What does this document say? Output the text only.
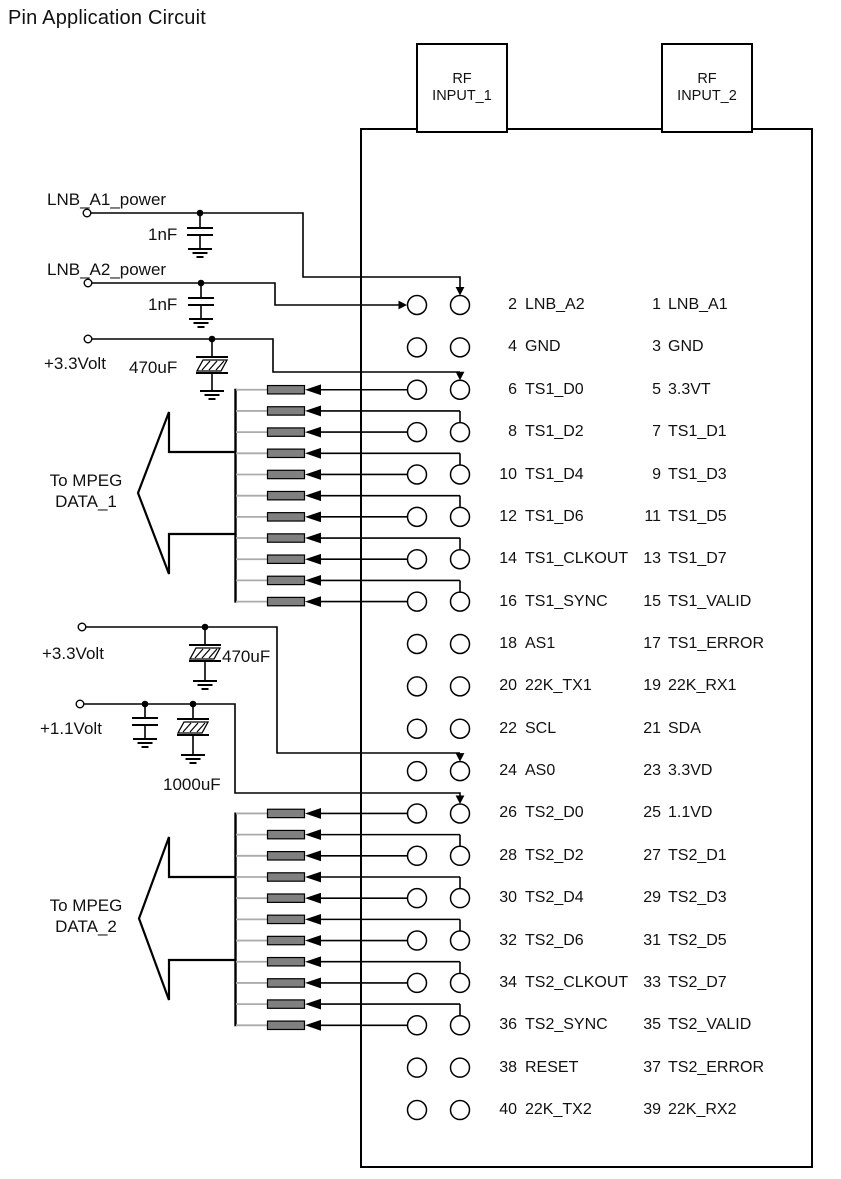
Pin Application Circuit
RF
INPUT_1
RF
INPUT_2
LNB_A1_power
1nF
LNB_A2_power
1nF
+3.3Volt 470uF
+3.3Volt	470uF
+1.1Volt
1000uF
To MPEG
DATA_1
To MPEG
DATA_2
2 LNB_A2	1 LNB_A1
4 GND	3 GND
6 TS1_D0	5 3.3VT
8 TS1_D2	7 TS1_D1
10 TS1_D4	9 TS1_D3
12 TS1_D6	11 TS1_D5
14 TS1_CLKOUT 13 TS1_D7
16 TS1_SYNC	15 TS1_VALID
18 AS1	17 TS1_ERROR
20 22K_TX1	19 22K_RX1
22 SCL	21 SDA
24 AS0	23 3.3VD
26 TS2_D0	25 1.1VD
28 TS2_D2	27 TS2_D1
30 TS2_D4	29 TS2_D3
32 TS2_D6	31 TS2_D5
34 TS2_CLKOUT 33 TS2_D7
36 TS2_SYNC	35 TS2_VALID
38 RESET	37 TS2_ERROR
40 22K_TX2	39 22K_RX2
